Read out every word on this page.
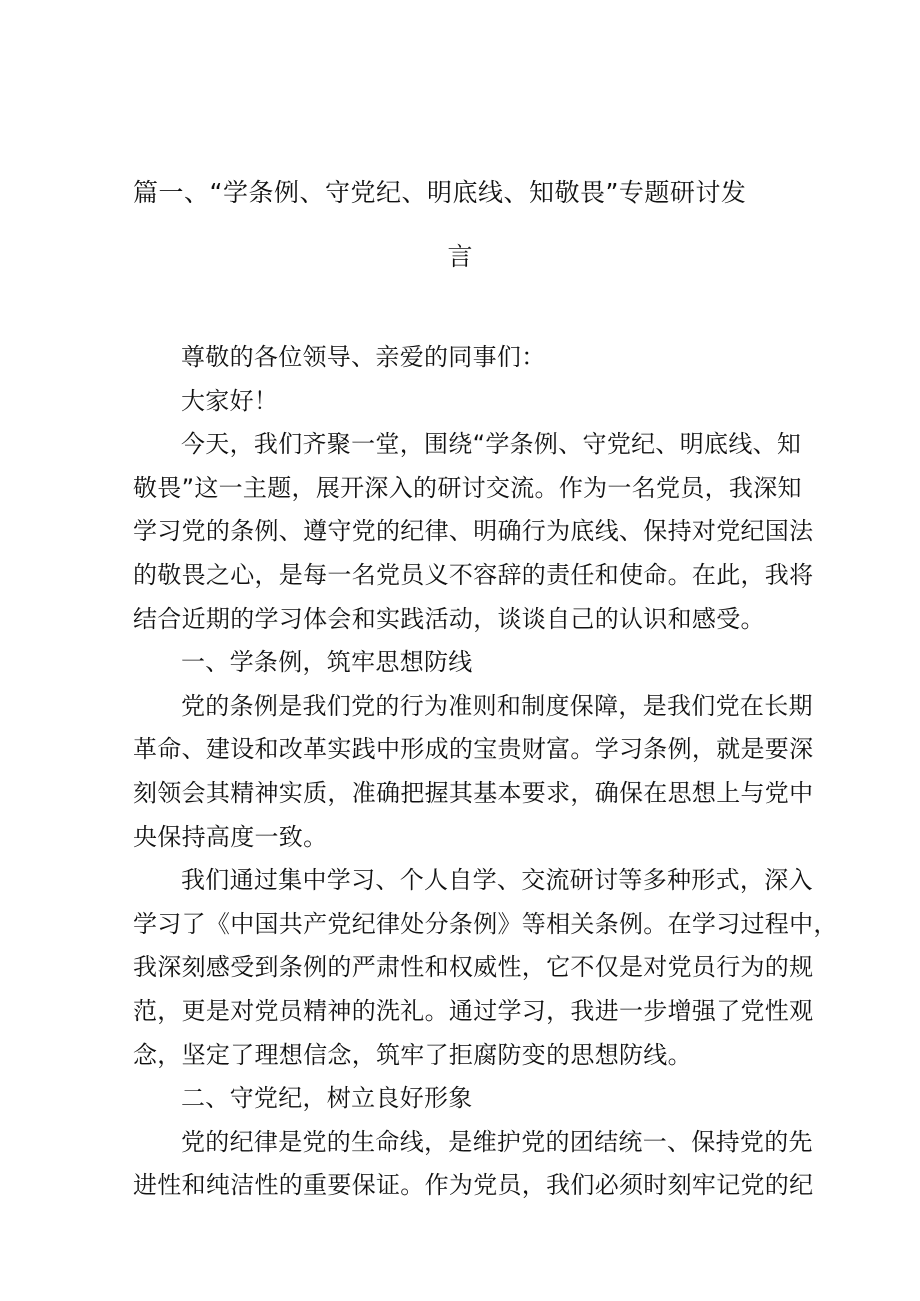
篇一、“学条例、守党纪、明底线、知敬畏”专题研讨发
言
尊敬的各位领导、亲爱的同事们：
大家好！
今天，我们齐聚一堂，围绕“学条例、守党纪、明底线、知
敬畏”这一主题，展开深入的研讨交流。作为一名党员，我深知
学习党的条例、遵守党的纪律、明确行为底线、保持对党纪国法
的敬畏之心，是每一名党员义不容辞的责任和使命。在此，我将
结合近期的学习体会和实践活动，谈谈自己的认识和感受。
一、学条例，筑牢思想防线
党的条例是我们党的行为准则和制度保障，是我们党在长期
革命、建设和改革实践中形成的宝贵财富。学习条例，就是要深
刻领会其精神实质，准确把握其基本要求，确保在思想上与党中
央保持高度一致。
我们通过集中学习、个人自学、交流研讨等多种形式，深入
学习了《中国共产党纪律处分条例》等相关条例。在学习过程中，
我深刻感受到条例的严肃性和权威性，它不仅是对党员行为的规
范，更是对党员精神的洗礼。通过学习，我进一步增强了党性观
念，坚定了理想信念，筑牢了拒腐防变的思想防线。
二、守党纪，树立良好形象
党的纪律是党的生命线，是维护党的团结统一、保持党的先
进性和纯洁性的重要保证。作为党员，我们必须时刻牢记党的纪
